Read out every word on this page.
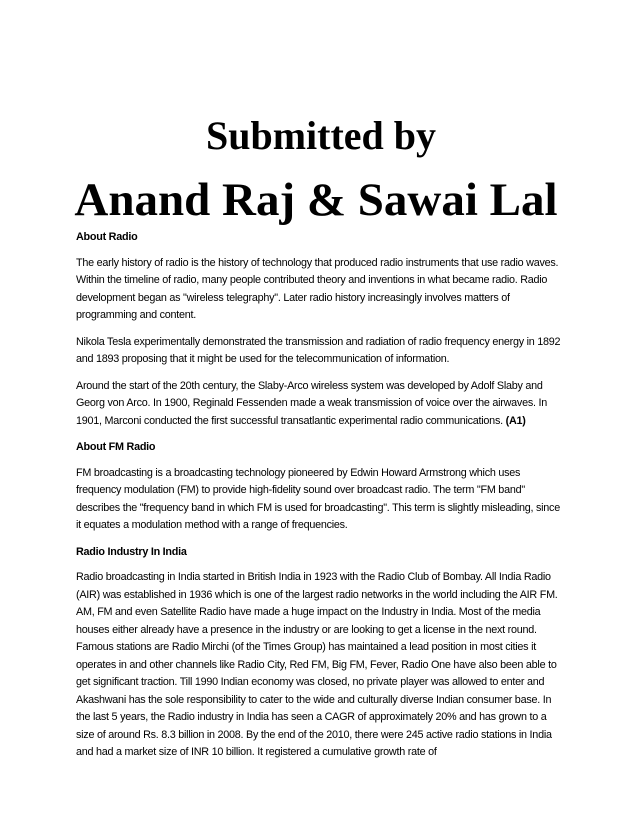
Submitted by

Anand Raj & Sawai Lal

About Radio

The early history of radio is the history of technology that produced radio instruments that use radio waves. Within the timeline of radio, many people contributed theory and inventions in what became radio. Radio development began as "wireless telegraphy". Later radio history increasingly involves matters of programming and content.

Nikola Tesla experimentally demonstrated the transmission and radiation of radio frequency energy in 1892 and 1893 proposing that it might be used for the telecommunication of information.

Around the start of the 20th century, the Slaby-Arco wireless system was developed by Adolf Slaby and Georg von Arco. In 1900, Reginald Fessenden made a weak transmission of voice over the airwaves. In 1901, Marconi conducted the first successful transatlantic experimental radio communications. (A1)

About FM Radio

FM broadcasting is a broadcasting technology pioneered by Edwin Howard Armstrong which uses frequency modulation (FM) to provide high-fidelity sound over broadcast radio. The term "FM band" describes the "frequency band in which FM is used for broadcasting". This term is slightly misleading, since it equates a modulation method with a range of frequencies.

Radio Industry In India

Radio broadcasting in India started in British India in 1923 with the Radio Club of Bombay. All India Radio (AIR) was established in 1936 which is one of the largest radio networks in the world including the AIR FM. AM, FM and even Satellite Radio have made a huge impact on the Industry in India. Most of the media houses either already have a presence in the industry or are looking to get a license in the next round. Famous stations are Radio Mirchi (of the Times Group) has maintained a lead position in most cities it operates in and other channels like Radio City, Red FM, Big FM, Fever, Radio One have also been able to get significant traction. Till 1990 Indian economy was closed, no private player was allowed to enter and Akashwani has the sole responsibility to cater to the wide and culturally diverse Indian consumer base. In the last 5 years, the Radio industry in India has seen a CAGR of approximately 20% and has grown to a size of around Rs. 8.3 billion in 2008. By the end of the 2010, there were 245 active radio stations in India and had a market size of INR 10 billion. It registered a cumulative growth rate of
